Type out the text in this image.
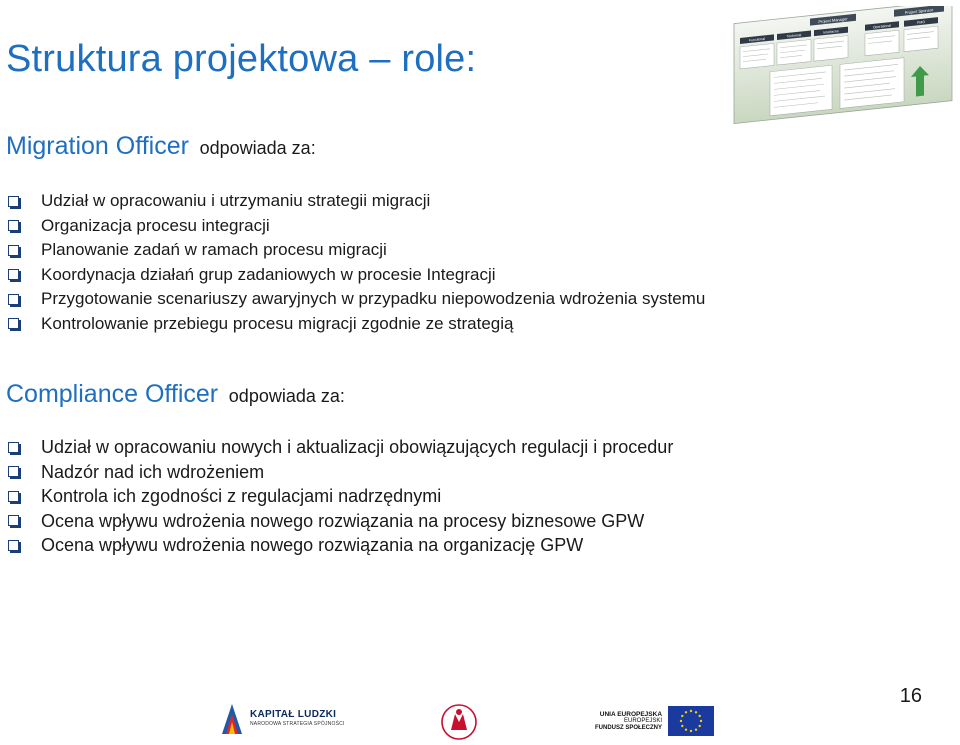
Struktura projektowa – role:
Project Manager
Project Sponsor
Functional
Technical
Interfaces
Operational
PMO
Migration Officer odpowiada za:
Udział w opracowaniu i utrzymaniu strategii migracji
Organizacja procesu integracji
Planowanie zadań w ramach procesu migracji
Koordynacja działań grup zadaniowych w procesie Integracji
Przygotowanie scenariuszy awaryjnych w przypadku niepowodzenia wdrożenia systemu
Kontrolowanie przebiegu procesu migracji zgodnie ze strategią
Compliance Officer odpowiada za:
Udział w opracowaniu nowych i aktualizacji obowiązujących regulacji i procedur
Nadzór nad ich wdrożeniem
Kontrola ich zgodności z regulacjami nadrzędnymi
Ocena wpływu wdrożenia nowego rozwiązania na procesy biznesowe GPW
Ocena wpływu wdrożenia nowego rozwiązania na organizację GPW
16
KAPITAŁ LUDZKI
NARODOWA STRATEGIA SPÓJNOŚCI
UNIA EUROPEJSKA
EUROPEJSKI
FUNDUSZ SPOŁECZNY
